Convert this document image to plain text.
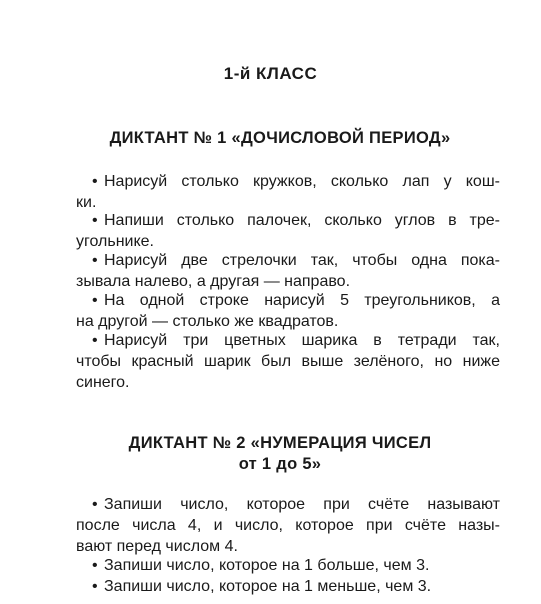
1-й КЛАСС
ДИКТАНТ № 1 «ДОЧИСЛОВОЙ ПЕРИОД»
• Нарисуй столько кружков, сколько лап у кош-
ки.
• Напиши столько палочек, сколько углов в тре-
угольнике.
• Нарисуй две стрелочки так, чтобы одна пока-
зывала налево, а другая — направо.
• На одной строке нарисуй 5 треугольников, а
на другой — столько же квадратов.
• Нарисуй три цветных шарика в тетради так,
чтобы красный шарик был выше зелёного, но ниже
синего.
ДИКТАНТ № 2 «НУМЕРАЦИЯ ЧИСЕЛ
от 1 до 5»
• Запиши число, которое при счёте называют
после числа 4, и число, которое при счёте назы-
вают перед числом 4.
• Запиши число, которое на 1 больше, чем 3.
• Запиши число, которое на 1 меньше, чем 3.
